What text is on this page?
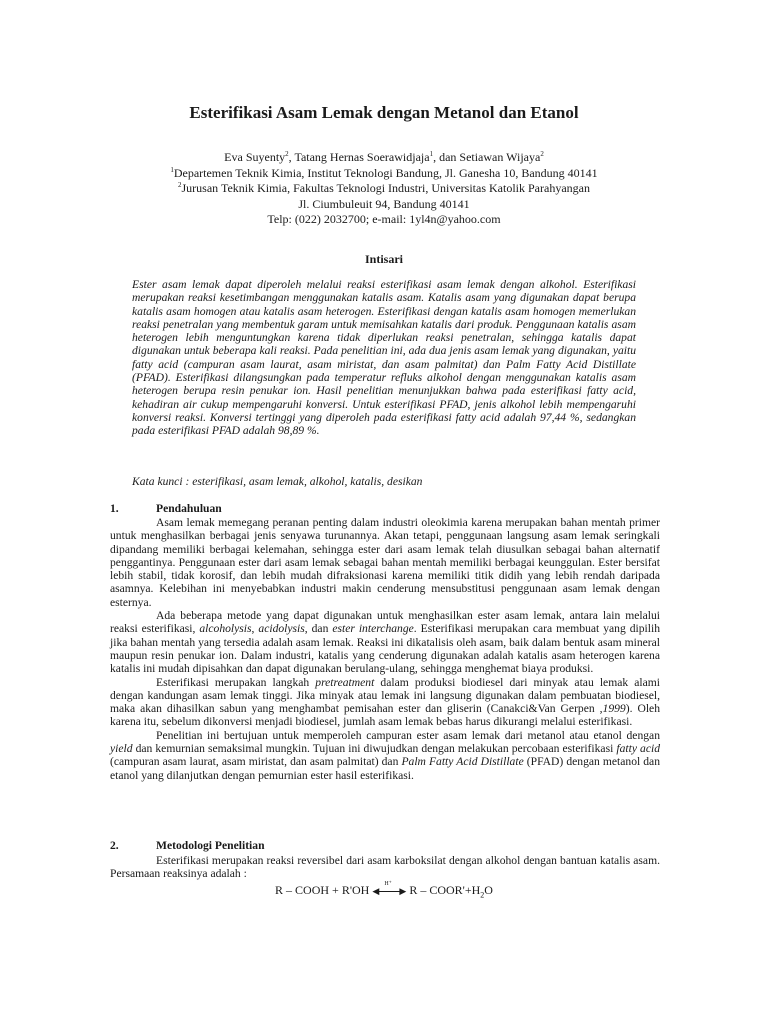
Esterifikasi Asam Lemak dengan Metanol dan Etanol
Eva Suyenty$^2$, Tatang Hernas Soerawidjaja$^1$, dan Setiawan Wijaya$^2$
$^1$Departemen Teknik Kimia, Institut Teknologi Bandung, Jl. Ganesha 10, Bandung 40141
$^2$Jurusan Teknik Kimia, Fakultas Teknologi Industri, Universitas Katolik Parahyangan
Jl. Ciumbuleuit 94, Bandung 40141
Telp: (022) 2032700; e-mail: 1yl4n@yahoo.com
Intisari

Ester asam lemak dapat diperoleh melalui reaksi esterifikasi asam lemak dengan alkohol. Esterifikasi merupakan reaksi kesetimbangan menggunakan katalis asam. Katalis asam yang digunakan dapat berupa katalis asam homogen atau katalis asam heterogen. Esterifikasi dengan katalis asam homogen memerlukan reaksi penetralan yang membentuk garam untuk memisahkan katalis dari produk. Penggunaan katalis asam heterogen lebih menguntungkan karena tidak diperlukan reaksi penetralan, sehingga katalis dapat digunakan untuk beberapa kali reaksi. Pada penelitian ini, ada dua jenis asam lemak yang digunakan, yaitu fatty acid (campuran asam laurat, asam miristat, dan asam palmitat) dan Palm Fatty Acid Distillate (PFAD). Esterifikasi dilangsungkan pada temperatur refluks alkohol dengan menggunakan katalis asam heterogen berupa resin penukar ion. Hasil penelitian menunjukkan bahwa pada esterifikasi fatty acid, kehadiran air cukup mempengaruhi konversi. Untuk esterifikasi PFAD, jenis alkohol lebih mempengaruhi konversi reaksi. Konversi tertinggi yang diperoleh pada esterifikasi fatty acid adalah 97,44 %, sedangkan pada esterifikasi PFAD adalah 98,89 %.

Kata kunci : esterifikasi, asam lemak, alkohol, katalis, desikan
1.	Pendahuluan

Asam lemak memegang peranan penting dalam industri oleokimia karena merupakan bahan mentah primer untuk menghasilkan berbagai jenis senyawa turunannya. Akan tetapi, penggunaan langsung asam lemak seringkali dipandang memiliki berbagai kelemahan, sehingga ester dari asam lemak telah diusulkan sebagai bahan alternatif penggantinya. Penggunaan ester dari asam lemak sebagai bahan mentah memiliki berbagai keunggulan. Ester bersifat lebih stabil, tidak korosif, dan lebih mudah difraksionasi karena memiliki titik didih yang lebih rendah daripada asamnya. Kelebihan ini menyebabkan industri makin cenderung mensubstitusi penggunaan asam lemak dengan esternya.

Ada beberapa metode yang dapat digunakan untuk menghasilkan ester asam lemak, antara lain melalui reaksi esterifikasi, alcoholysis, acidolysis, dan ester interchange. Esterifikasi merupakan cara membuat yang dipilih jika bahan mentah yang tersedia adalah asam lemak. Reaksi ini dikatalisis oleh asam, baik dalam bentuk asam mineral maupun resin penukar ion. Dalam industri, katalis yang cenderung digunakan adalah katalis asam heterogen karena katalis ini mudah dipisahkan dan dapat digunakan berulang-ulang, sehingga menghemat biaya produksi.

Esterifikasi merupakan langkah pretreatment dalam produksi biodiesel dari minyak atau lemak alami dengan kandungan asam lemak tinggi. Jika minyak atau lemak ini langsung digunakan dalam pembuatan biodiesel, maka akan dihasilkan sabun yang menghambat pemisahan ester dan gliserin (Canakci&Van Gerpen ,1999). Oleh karena itu, sebelum dikonversi menjadi biodiesel, jumlah asam lemak bebas harus dikurangi melalui esterifikasi.

Penelitian ini bertujuan untuk memperoleh campuran ester asam lemak dari metanol atau etanol dengan yield dan kemurnian semaksimal mungkin. Tujuan ini diwujudkan dengan melakukan percobaan esterifikasi fatty acid (campuran asam laurat, asam miristat, dan asam palmitat) dan Palm Fatty Acid Distillate (PFAD) dengan metanol dan etanol yang dilanjutkan dengan pemurnian ester hasil esterifikasi.

2.	Metodologi Penelitian

Esterifikasi merupakan reaksi reversibel dari asam karboksilat dengan alkohol dengan bantuan katalis asam. Persamaan reaksinya adalah :

R – COOH + R'OH ◀ ▶
H⁺ $R - COOR'+H_2O$
